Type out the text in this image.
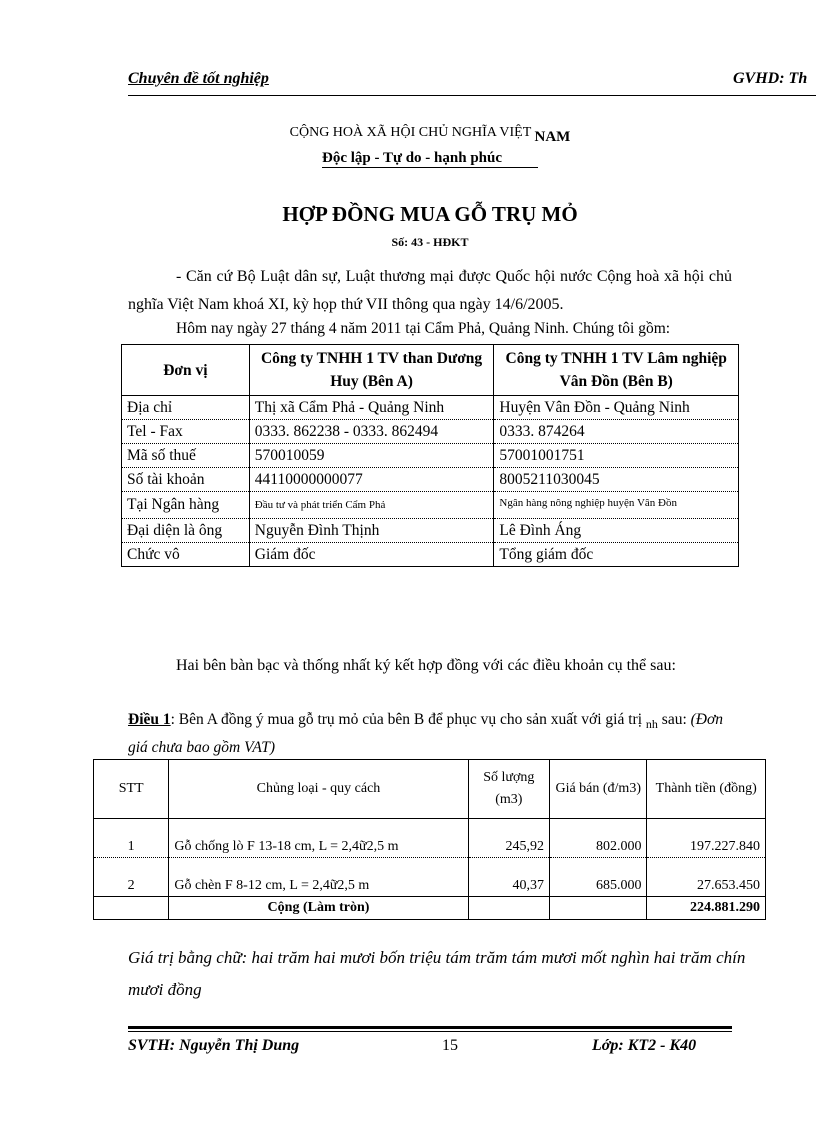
Chuyên đề tốt nghiệp	GVHD: Th
CỘNG HOÀ XÃ HỘI CHỦ NGHĨA VIỆT NAM
Độc lập - Tự do - hạnh phúc
HỢP ĐỒNG MUA GỖ TRỤ MỎ
Số: 43 - HĐKT
- Căn cứ Bộ Luật dân sự, Luật thương mại được Quốc hội nước Cộng hoà xã hội chủ nghĩa Việt Nam khoá XI, kỳ họp thứ VII thông qua ngày 14/6/2005.
Hôm nay ngày 27 tháng 4 năm 2011 tại Cẩm Phả, Quảng Ninh. Chúng tôi gồm:
Đơn vị	Công ty TNHH 1 TV than Dương Huy (Bên A)	Công ty TNHH 1 TV Lâm nghiệp Vân Đồn (Bên B)
Địa chỉ	Thị xã Cẩm Phả - Quảng Ninh	Huyện Vân Đồn - Quảng Ninh
Tel - Fax	0333. 862238 - 0333. 862494	0333. 874264
Mã số thuế	570010059	57001001751
Số tài khoản	44110000000077	8005211030045
Tại Ngân hàng	Đầu tư và phát triển Cẩm Phả	Ngân hàng nông nghiệp huyện Vân Đồn
Đại diện là ông	Nguyễn Đình Thịnh	Lê Đình Áng
Chức vô	Giám đốc	Tổng giám đốc
Hai bên bàn bạc và thống nhất ký kết hợp đồng với các điều khoản cụ thể sau:
Điều 1: Bên A đồng ý mua gỗ trụ mỏ của bên B để phục vụ cho sản xuất với giá trị $_{nh}$ sau: (Đơn giá chưa bao gồm VAT)
STT	Chủng loại - quy cách	Số lượng (m3)	Giá bán (đ/m3)	Thành tiền (đồng)
1	Gỗ chống lò F 13-18 cm, L = 2,4ữ2,5 m	245,92	802.000	197.227.840
2	Gỗ chèn F 8-12 cm, L = 2,4ữ2,5 m	40,37	685.000	27.653.450
	Cộng (Làm tròn)			224.881.290
Giá trị bằng chữ: hai trăm hai mươi bốn triệu tám trăm tám mươi mốt nghìn hai trăm chín mươi đồng
SVTH: Nguyễn Thị Dung	15	Lớp: KT2 - K40
